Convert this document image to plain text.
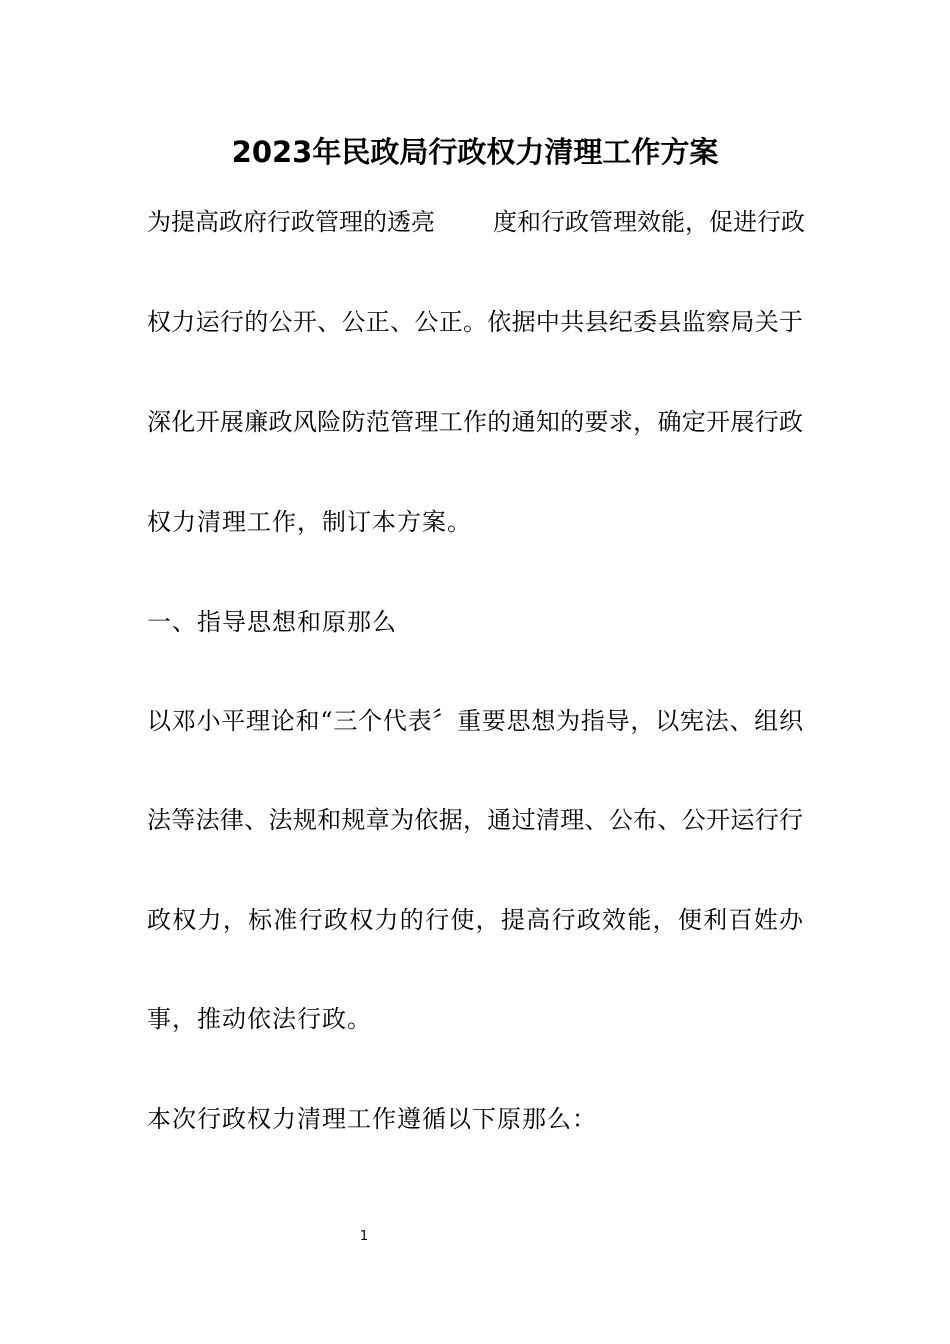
2023年民政局行政权力清理工作方案
为提高政府行政管理的透亮 度和行政管理效能，促进行政
权力运行的公开、公正、公正。依据中共县纪委县监察局关于
深化开展廉政风险防范管理工作的通知的要求，确定开展行政
权力清理工作，制订本方案。
一、指导思想和原那么
以邓小平理论和“三个代表〞重要思想为指导，以宪法、组织
法等法律、法规和规章为依据，通过清理、公布、公开运行行
政权力，标准行政权力的行使，提高行政效能，便利百姓办
事，推动依法行政。
本次行政权力清理工作遵循以下原那么：
1
